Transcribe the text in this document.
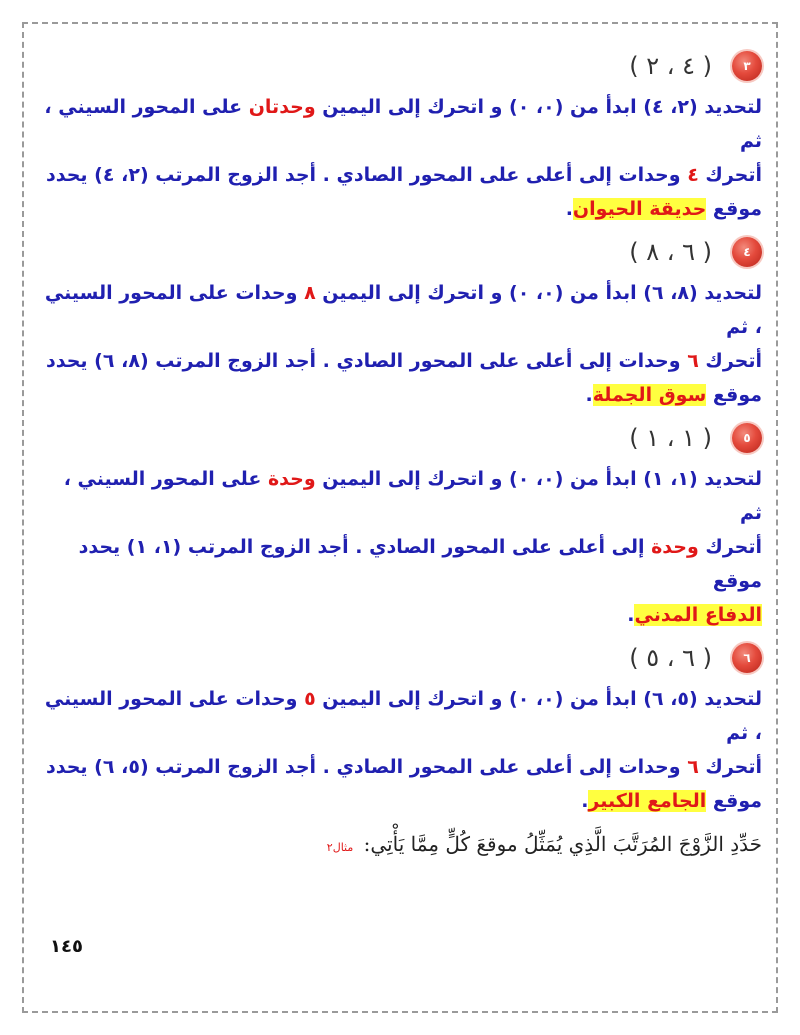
٣
( ٤ ، ٢ )
لتحديد (٢، ٤) ابدأ من (٠، ٠) و اتحرك إلى اليمين وحدتان على المحور السيني ، ثم
أتحرك ٤ وحدات إلى أعلى على المحور الصادي . أجد الزوج المرتب (٢، ٤) يحدد
موقع حديقة الحيوان.
٤
( ٦ ، ٨ )
لتحديد (٨، ٦) ابدأ من (٠، ٠) و اتحرك إلى اليمين ٨ وحدات على المحور السيني ، ثم
أتحرك ٦ وحدات إلى أعلى على المحور الصادي . أجد الزوج المرتب (٨، ٦) يحدد
موقع سوق الجملة.
٥
( ١ ، ١ )
لتحديد (١، ١) ابدأ من (٠، ٠) و اتحرك إلى اليمين وحدة على المحور السيني ، ثم
أتحرك وحدة إلى أعلى على المحور الصادي . أجد الزوج المرتب (١، ١) يحدد موقع
الدفاع المدني.
٦
( ٦ ، ٥ )
لتحديد (٥، ٦) ابدأ من (٠، ٠) و اتحرك إلى اليمين ٥ وحدات على المحور السيني ، ثم
أتحرك ٦ وحدات إلى أعلى على المحور الصادي . أجد الزوج المرتب (٥، ٦) يحدد
موقع الجامع الكبير.
حَدِّدِ الزَّوْجَ المُرَتَّبَ الَّذِي يُمَثِّلُ موقعَ كُلٍّ مِمَّا يَأْتِي: مثال٢
١٤٥
